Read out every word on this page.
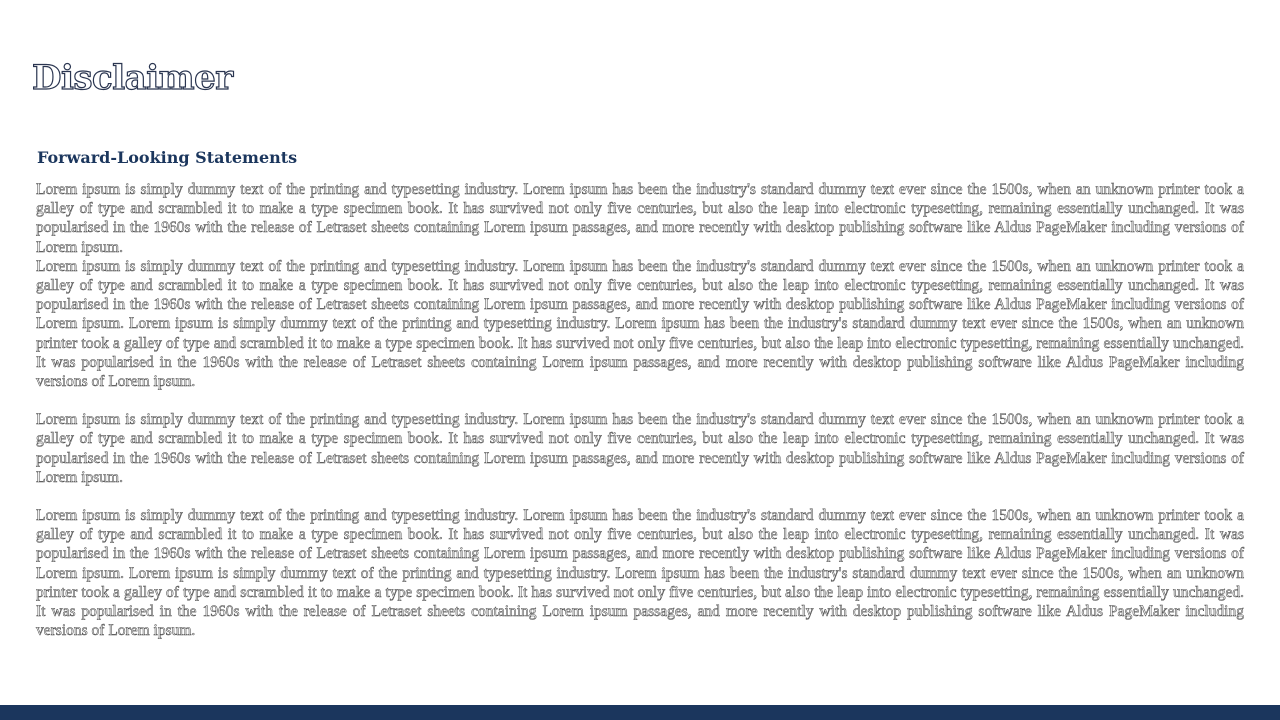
Disclaimer
Forward-Looking Statements

Lorem ipsum is simply dummy text of the printing and typesetting industry. Lorem ipsum has been the industry's standard dummy text ever since the 1500s, when an unknown printer took a galley of type and scrambled it to make a type specimen book. It has survived not only five centuries, but also the leap into electronic typesetting, remaining essentially unchanged. It was popularised in the 1960s with the release of Letraset sheets containing Lorem ipsum passages, and more recently with desktop publishing software like Aldus PageMaker including versions of Lorem ipsum.

Lorem ipsum is simply dummy text of the printing and typesetting industry. Lorem ipsum has been the industry's standard dummy text ever since the 1500s, when an unknown printer took a galley of type and scrambled it to make a type specimen book. It has survived not only five centuries, but also the leap into electronic typesetting, remaining essentially unchanged. It was popularised in the 1960s with the release of Letraset sheets containing Lorem ipsum passages, and more recently with desktop publishing software like Aldus PageMaker including versions of Lorem ipsum. Lorem ipsum is simply dummy text of the printing and typesetting industry. Lorem ipsum has been the industry's standard dummy text ever since the 1500s, when an unknown printer took a galley of type and scrambled it to make a type specimen book. It has survived not only five centuries, but also the leap into electronic typesetting, remaining essentially unchanged. It was popularised in the 1960s with the release of Letraset sheets containing Lorem ipsum passages, and more recently with desktop publishing software like Aldus PageMaker including versions of Lorem ipsum.

Lorem ipsum is simply dummy text of the printing and typesetting industry. Lorem ipsum has been the industry's standard dummy text ever since the 1500s, when an unknown printer took a galley of type and scrambled it to make a type specimen book. It has survived not only five centuries, but also the leap into electronic typesetting, remaining essentially unchanged. It was popularised in the 1960s with the release of Letraset sheets containing Lorem ipsum passages, and more recently with desktop publishing software like Aldus PageMaker including versions of Lorem ipsum.

Lorem ipsum is simply dummy text of the printing and typesetting industry. Lorem ipsum has been the industry's standard dummy text ever since the 1500s, when an unknown printer took a galley of type and scrambled it to make a type specimen book. It has survived not only five centuries, but also the leap into electronic typesetting, remaining essentially unchanged. It was popularised in the 1960s with the release of Letraset sheets containing Lorem ipsum passages, and more recently with desktop publishing software like Aldus PageMaker including versions of Lorem ipsum. Lorem ipsum is simply dummy text of the printing and typesetting industry. Lorem ipsum has been the industry's standard dummy text ever since the 1500s, when an unknown printer took a galley of type and scrambled it to make a type specimen book. It has survived not only five centuries, but also the leap into electronic typesetting, remaining essentially unchanged. It was popularised in the 1960s with the release of Letraset sheets containing Lorem ipsum passages, and more recently with desktop publishing software like Aldus PageMaker including versions of Lorem ipsum.
